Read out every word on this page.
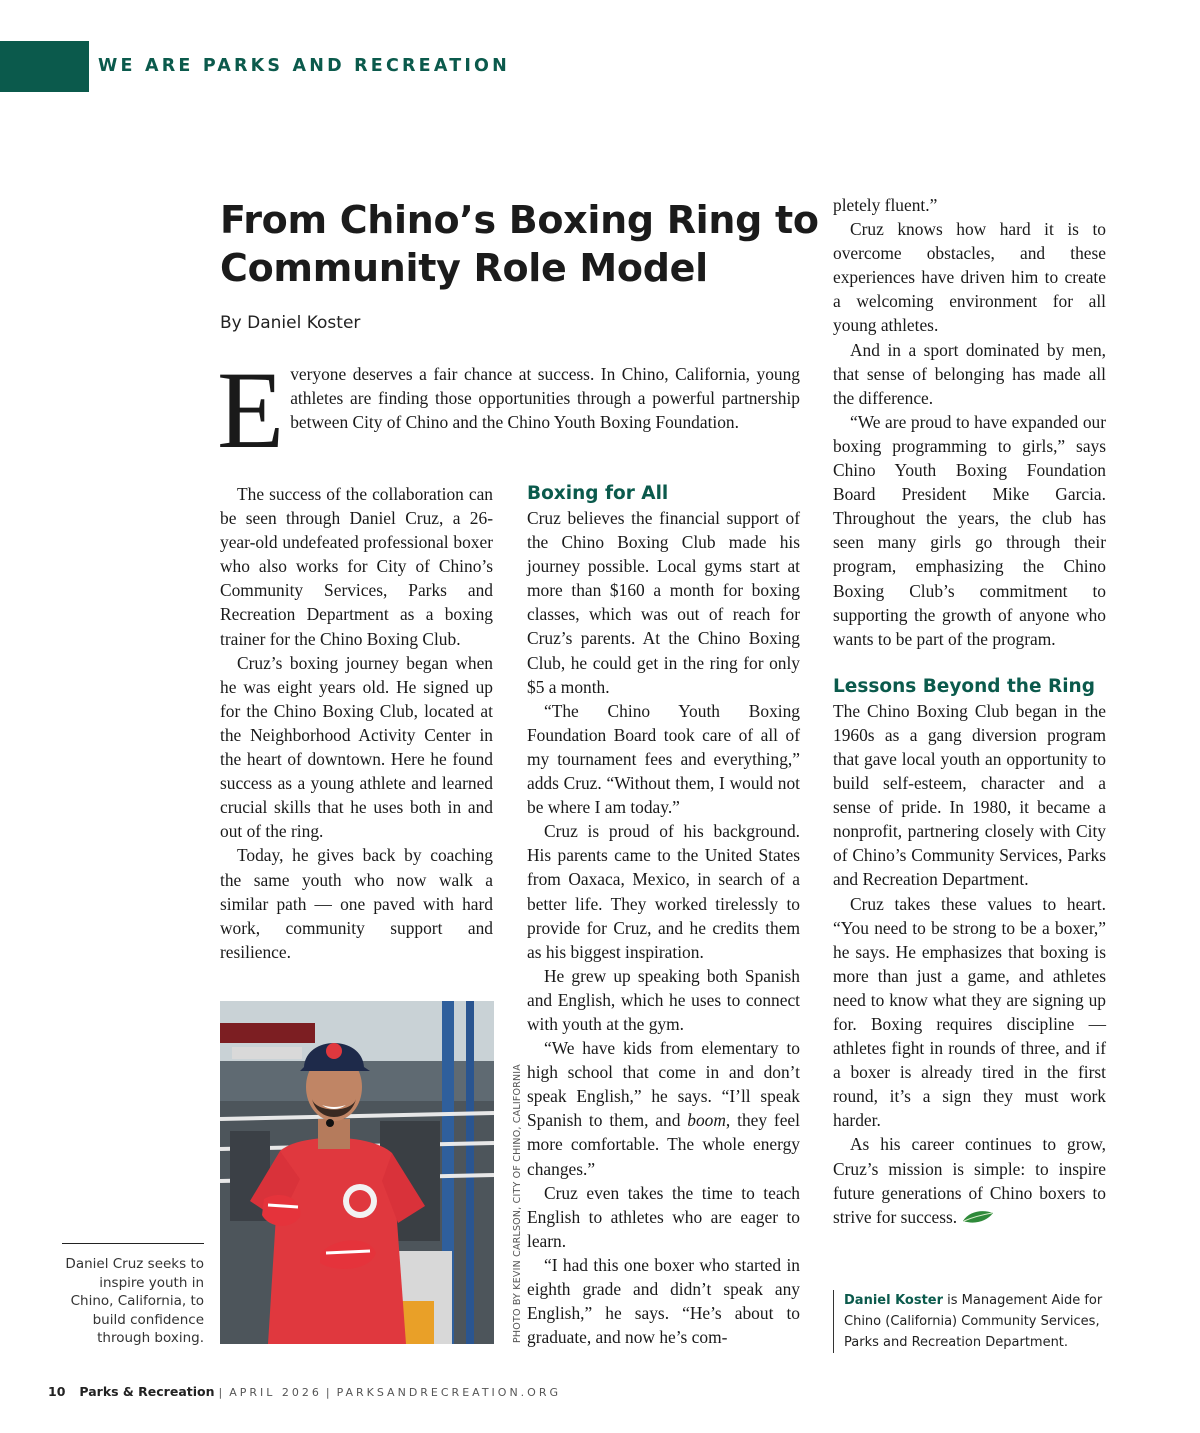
WE ARE PARKS AND RECREATION
From Chino’s Boxing Ring to Community Role Model
By Daniel Koster
Everyone deserves a fair chance at success. In Chino, California, young athletes are finding those opportunities through a powerful partnership between City of Chino and the Chino Youth Boxing Foundation.

The success of the collaboration can be seen through Daniel Cruz, a 26-year-old undefeated professional boxer who also works for City of Chino’s Community Services, Parks and Recreation Department as a boxing trainer for the Chino Boxing Club.

Cruz’s boxing journey began when he was eight years old. He signed up for the Chino Boxing Club, located at the Neighborhood Activity Center in the heart of downtown. Here he found success as a young athlete and learned crucial skills that he uses both in and out of the ring.

Today, he gives back by coaching the same youth who now walk a similar path — one paved with hard work, community support and resilience.

Boxing for All

Cruz believes the financial support of the Chino Boxing Club made his journey possible. Local gyms start at more than $160 a month for boxing classes, which was out of reach for Cruz’s parents. At the Chino Boxing Club, he could get in the ring for only $5 a month.

“The Chino Youth Boxing Foundation Board took care of all of my tournament fees and everything,” adds Cruz. “Without them, I would not be where I am today.”

Cruz is proud of his background. His parents came to the United States from Oaxaca, Mexico, in search of a better life. They worked tirelessly to provide for Cruz, and he credits them as his biggest inspiration.

He grew up speaking both Spanish and English, which he uses to connect with youth at the gym.

“We have kids from elementary to high school that come in and don’t speak English,” he says. “I’ll speak Spanish to them, and boom, they feel more comfortable. The whole energy changes.”

Cruz even takes the time to teach English to athletes who are eager to learn.

“I had this one boxer who started in eighth grade and didn’t speak any English,” he says. “He’s about to graduate, and now he’s com-

pletely fluent.”

Cruz knows how hard it is to overcome obstacles, and these experiences have driven him to create a welcoming environment for all young athletes.

And in a sport dominated by men, that sense of belonging has made all the difference.

“We are proud to have expanded our boxing programming to girls,” says Chino Youth Boxing Foundation Board President Mike Garcia. Throughout the years, the club has seen many girls go through their program, emphasizing the Chino Boxing Club’s commitment to supporting the growth of anyone who wants to be part of the program.

Lessons Beyond the Ring

The Chino Boxing Club began in the 1960s as a gang diversion program that gave local youth an opportunity to build self-esteem, character and a sense of pride. In 1980, it became a nonprofit, partnering closely with City of Chino’s Community Services, Parks and Recreation Department.

Cruz takes these values to heart. “You need to be strong to be a boxer,” he says. He emphasizes that boxing is more than just a game, and athletes need to know what they are signing up for. Boxing requires discipline — athletes fight in rounds of three, and if a boxer is already tired in the first round, it’s a sign they must work harder.

As his career continues to grow, Cruz’s mission is simple: to inspire future generations of Chino boxers to strive for success.

PHOTO BY KEVIN CARLSON, CITY OF CHINO, CALIFORNIA

Daniel Cruz seeks to inspire youth in Chino, California, to build confidence through boxing.

Daniel Koster is Management Aide for Chino (California) Community Services, Parks and Recreation Department.
10 Parks & Recreation | APRIL 2026 | PARKSANDRECREATION.ORG
